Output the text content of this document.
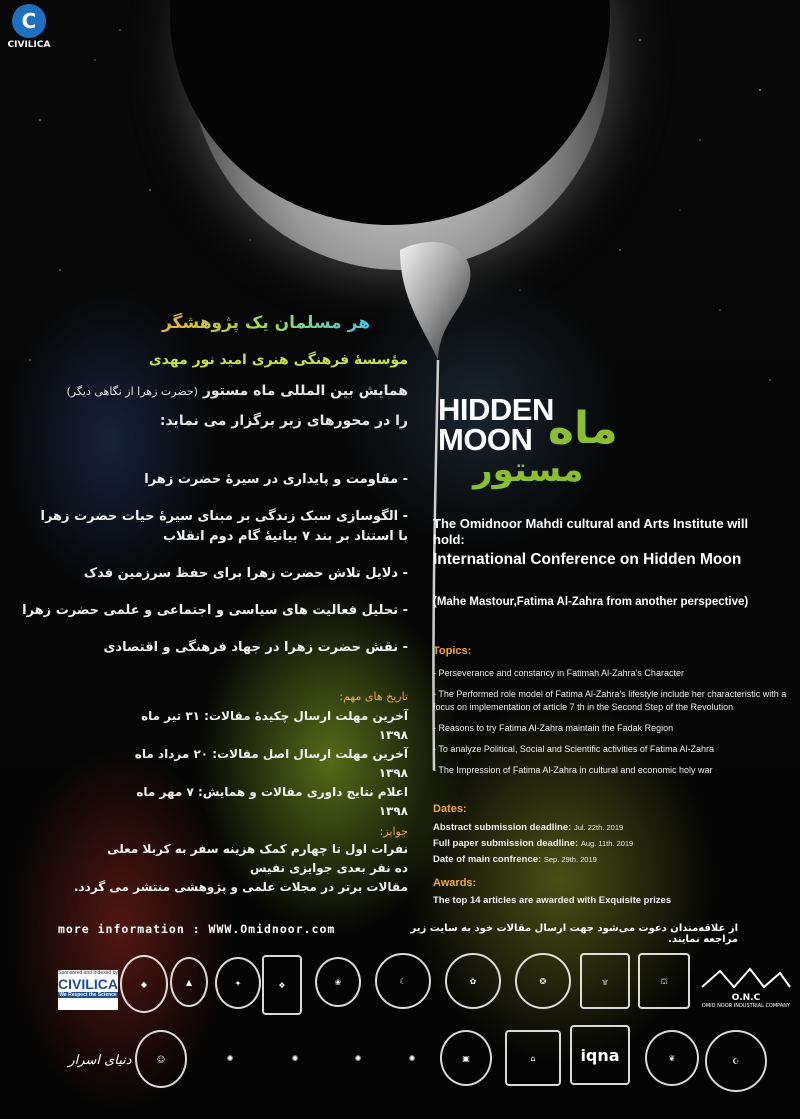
C
CIVILICA
هر مسلمان یک پژوهشگر
مؤسسهٔ فرهنگی هنری امید نور مهدی
همایش بین المللی ماه مستور (حضرت زهرا از نگاهی دیگر)
را در محورهای زیر برگزار می نماید:
- مقاومت و پایداری در سیرهٔ حضرت زهرا
- الگوسازی سبک زندگی بر مبنای سیرهٔ حیات حضرت زهرا
با استناد بر بند ۷ بیانیهٔ گام دوم انقلاب
- دلایل تلاش حضرت زهرا برای حفظ سرزمین فدک
- تحلیل فعالیت های سیاسی و اجتماعی و علمی حضرت زهرا
- نقش حضرت زهرا در جهاد فرهنگی و اقتصادی
تاریخ های مهم:
آخرین مهلت ارسال چکیدهٔ مقالات: ۳۱ تیر ماه ۱۳۹۸
آخرین مهلت ارسال اصل مقالات: ۲۰ مرداد ماه ۱۳۹۸
اعلام نتایج داوری مقالات و همایش: ۷ مهر ماه ۱۳۹۸
جوایز:
نفرات اول تا چهارم کمک هزینه سفر به کربلا معلی
ده نفر بعدی جوایزی نفیس
مقالات برتر در مجلات علمی و پژوهشی منتشر می گردد.
HIDDEN
MOON ماه
مستور
The Omidnoor Mahdi cultural and Arts Institute will hold:
International Conference on Hidden Moon
(Mahe Mastour,Fatima Al-Zahra from another perspective)
Topics:
- Perseverance and constancy in Fatimah Al-Zahra’s Character
- The Performed role model of Fatima Al-Zahra’s lifestyle include her characteristic with a focus on implementation of article 7 th in the Second Step of the Revolution
- Reasons to try Fatima Al-Zahra maintain the Fadak Region
- To analyze Political, Social and Scientific activities of Fatima Al-Zahra
- The Impression of Fatima Al-Zahra in cultural and economic holy war
Dates:
Abstract submission deadline: Jul. 22th. 2019
Full paper submission deadline: Aug. 11th. 2019
Date of main confrence: Sep. 29th. 2019
Awards:
The top 14 articles are awarded with Exquisite prizes
more information : WWW.Omidnoor.com	از علاقه‌مندان دعوت می‌شود جهت ارسال مقالات خود به سایت زیر مراجعه نمایند.
Sponsored and Indexed by
CIVILICA
We Respect the Science
◆	▲	✦	❖	❀	☾	✿	❂	۩	⛫
O.N.C
OMID NOOR INDUSTRIAL COMPANY
دنیای اسرار	☺	✺	✺	✺	✺	▣	⌂	iqna	❦	☪
